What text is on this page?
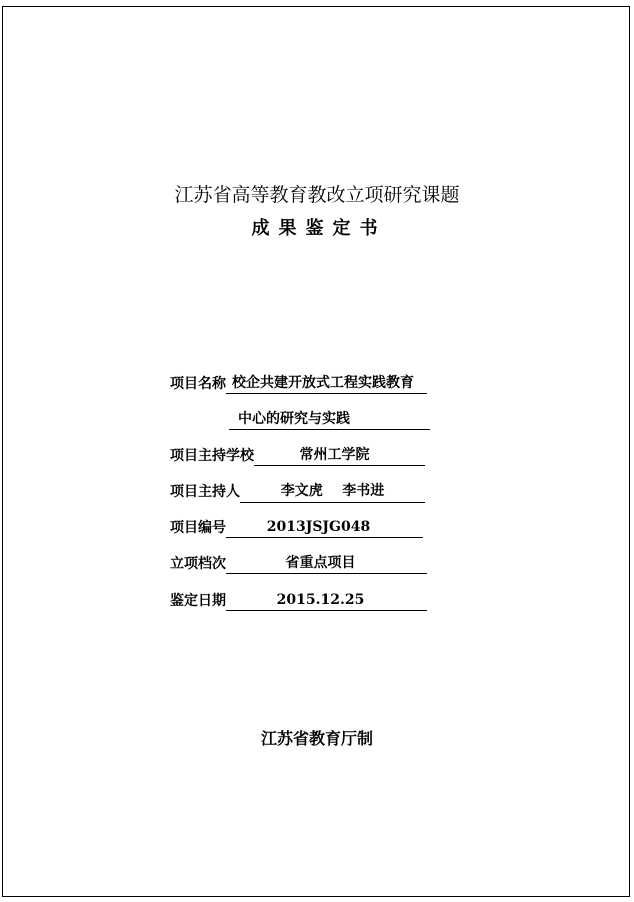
江苏省高等教育教改立项研究课题
成果鉴定书
项目名称 校企共建开放式工程实践教育
中心的研究与实践
项目主持学校	常州工学院
项目主持人	李文虎    李书进
项目编号	2013JSJG048
立项档次	省重点项目
鉴定日期	2015.12.25
江苏省教育厅制
